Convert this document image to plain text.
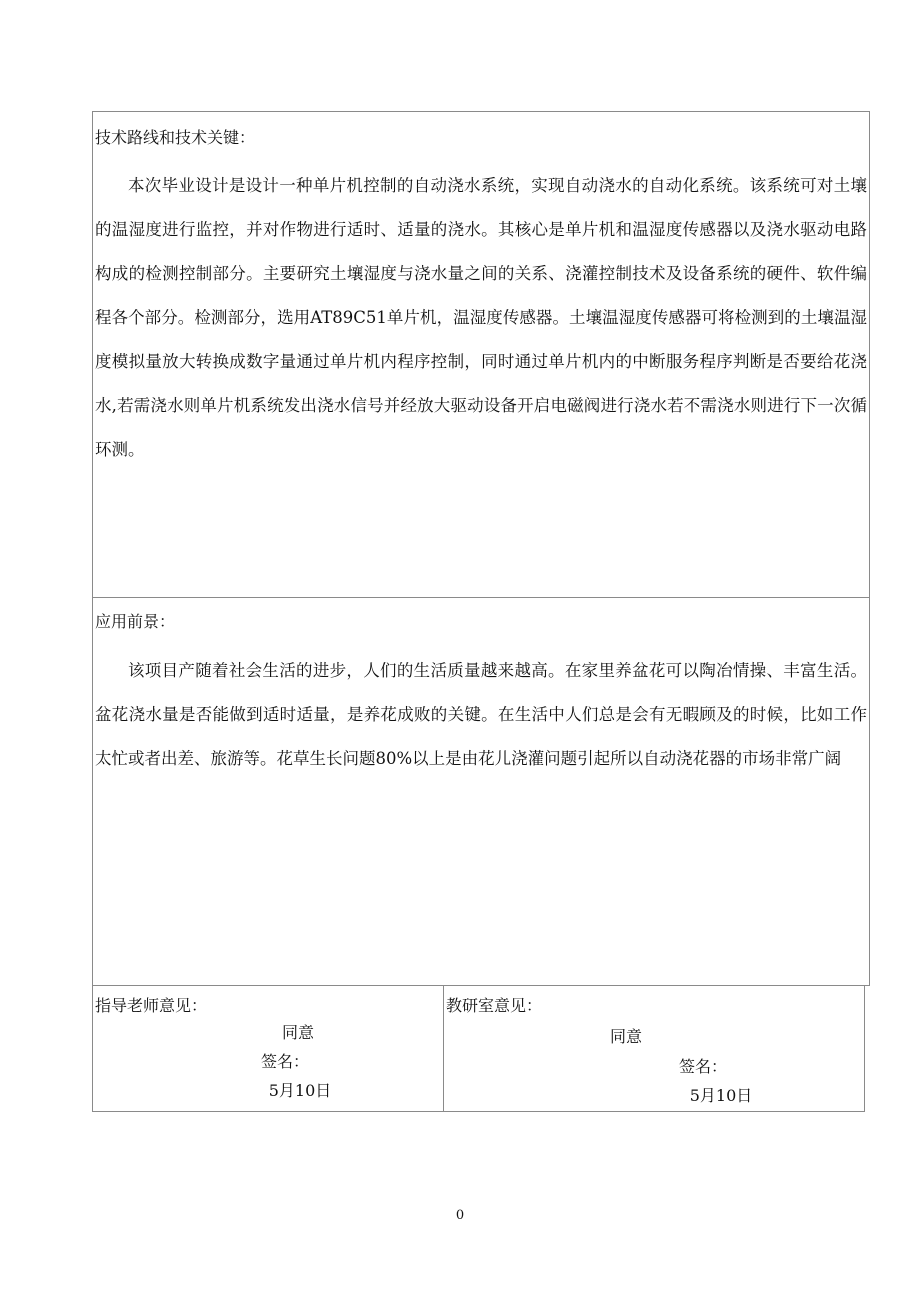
技术路线和技术关键：

本次毕业设计是设计一种单片机控制的自动浇水系统，实现自动浇水的自动化系统。该系统可对土壤的温湿度进行监控，并对作物进行适时、适量的浇水。其核心是单片机和温湿度传感器以及浇水驱动电路构成的检测控制部分。主要研究土壤湿度与浇水量之间的关系、浇灌控制技术及设备系统的硬件、软件编程各个部分。检测部分，选用AT89C51单片机，温湿度传感器。土壤温湿度传感器可将检测到的土壤温湿度模拟量放大转换成数字量通过单片机内程序控制，同时通过单片机内的中断服务程序判断是否要给花浇水,若需浇水则单片机系统发出浇水信号并经放大驱动设备开启电磁阀进行浇水若不需浇水则进行下一次循环测。

应用前景：

该项目产随着社会生活的进步，人们的生活质量越来越高。在家里养盆花可以陶冶情操、丰富生活。盆花浇水量是否能做到适时适量，是养花成败的关键。在生活中人们总是会有无暇顾及的时候，比如工作太忙或者出差、旅游等。花草生长问题80%以上是由花儿浇灌问题引起所以自动浇花器的市场非常广阔

指导老师意见：
同意
签名：
5月10日
教研室意见：
同意
签名：
5月10日
0
